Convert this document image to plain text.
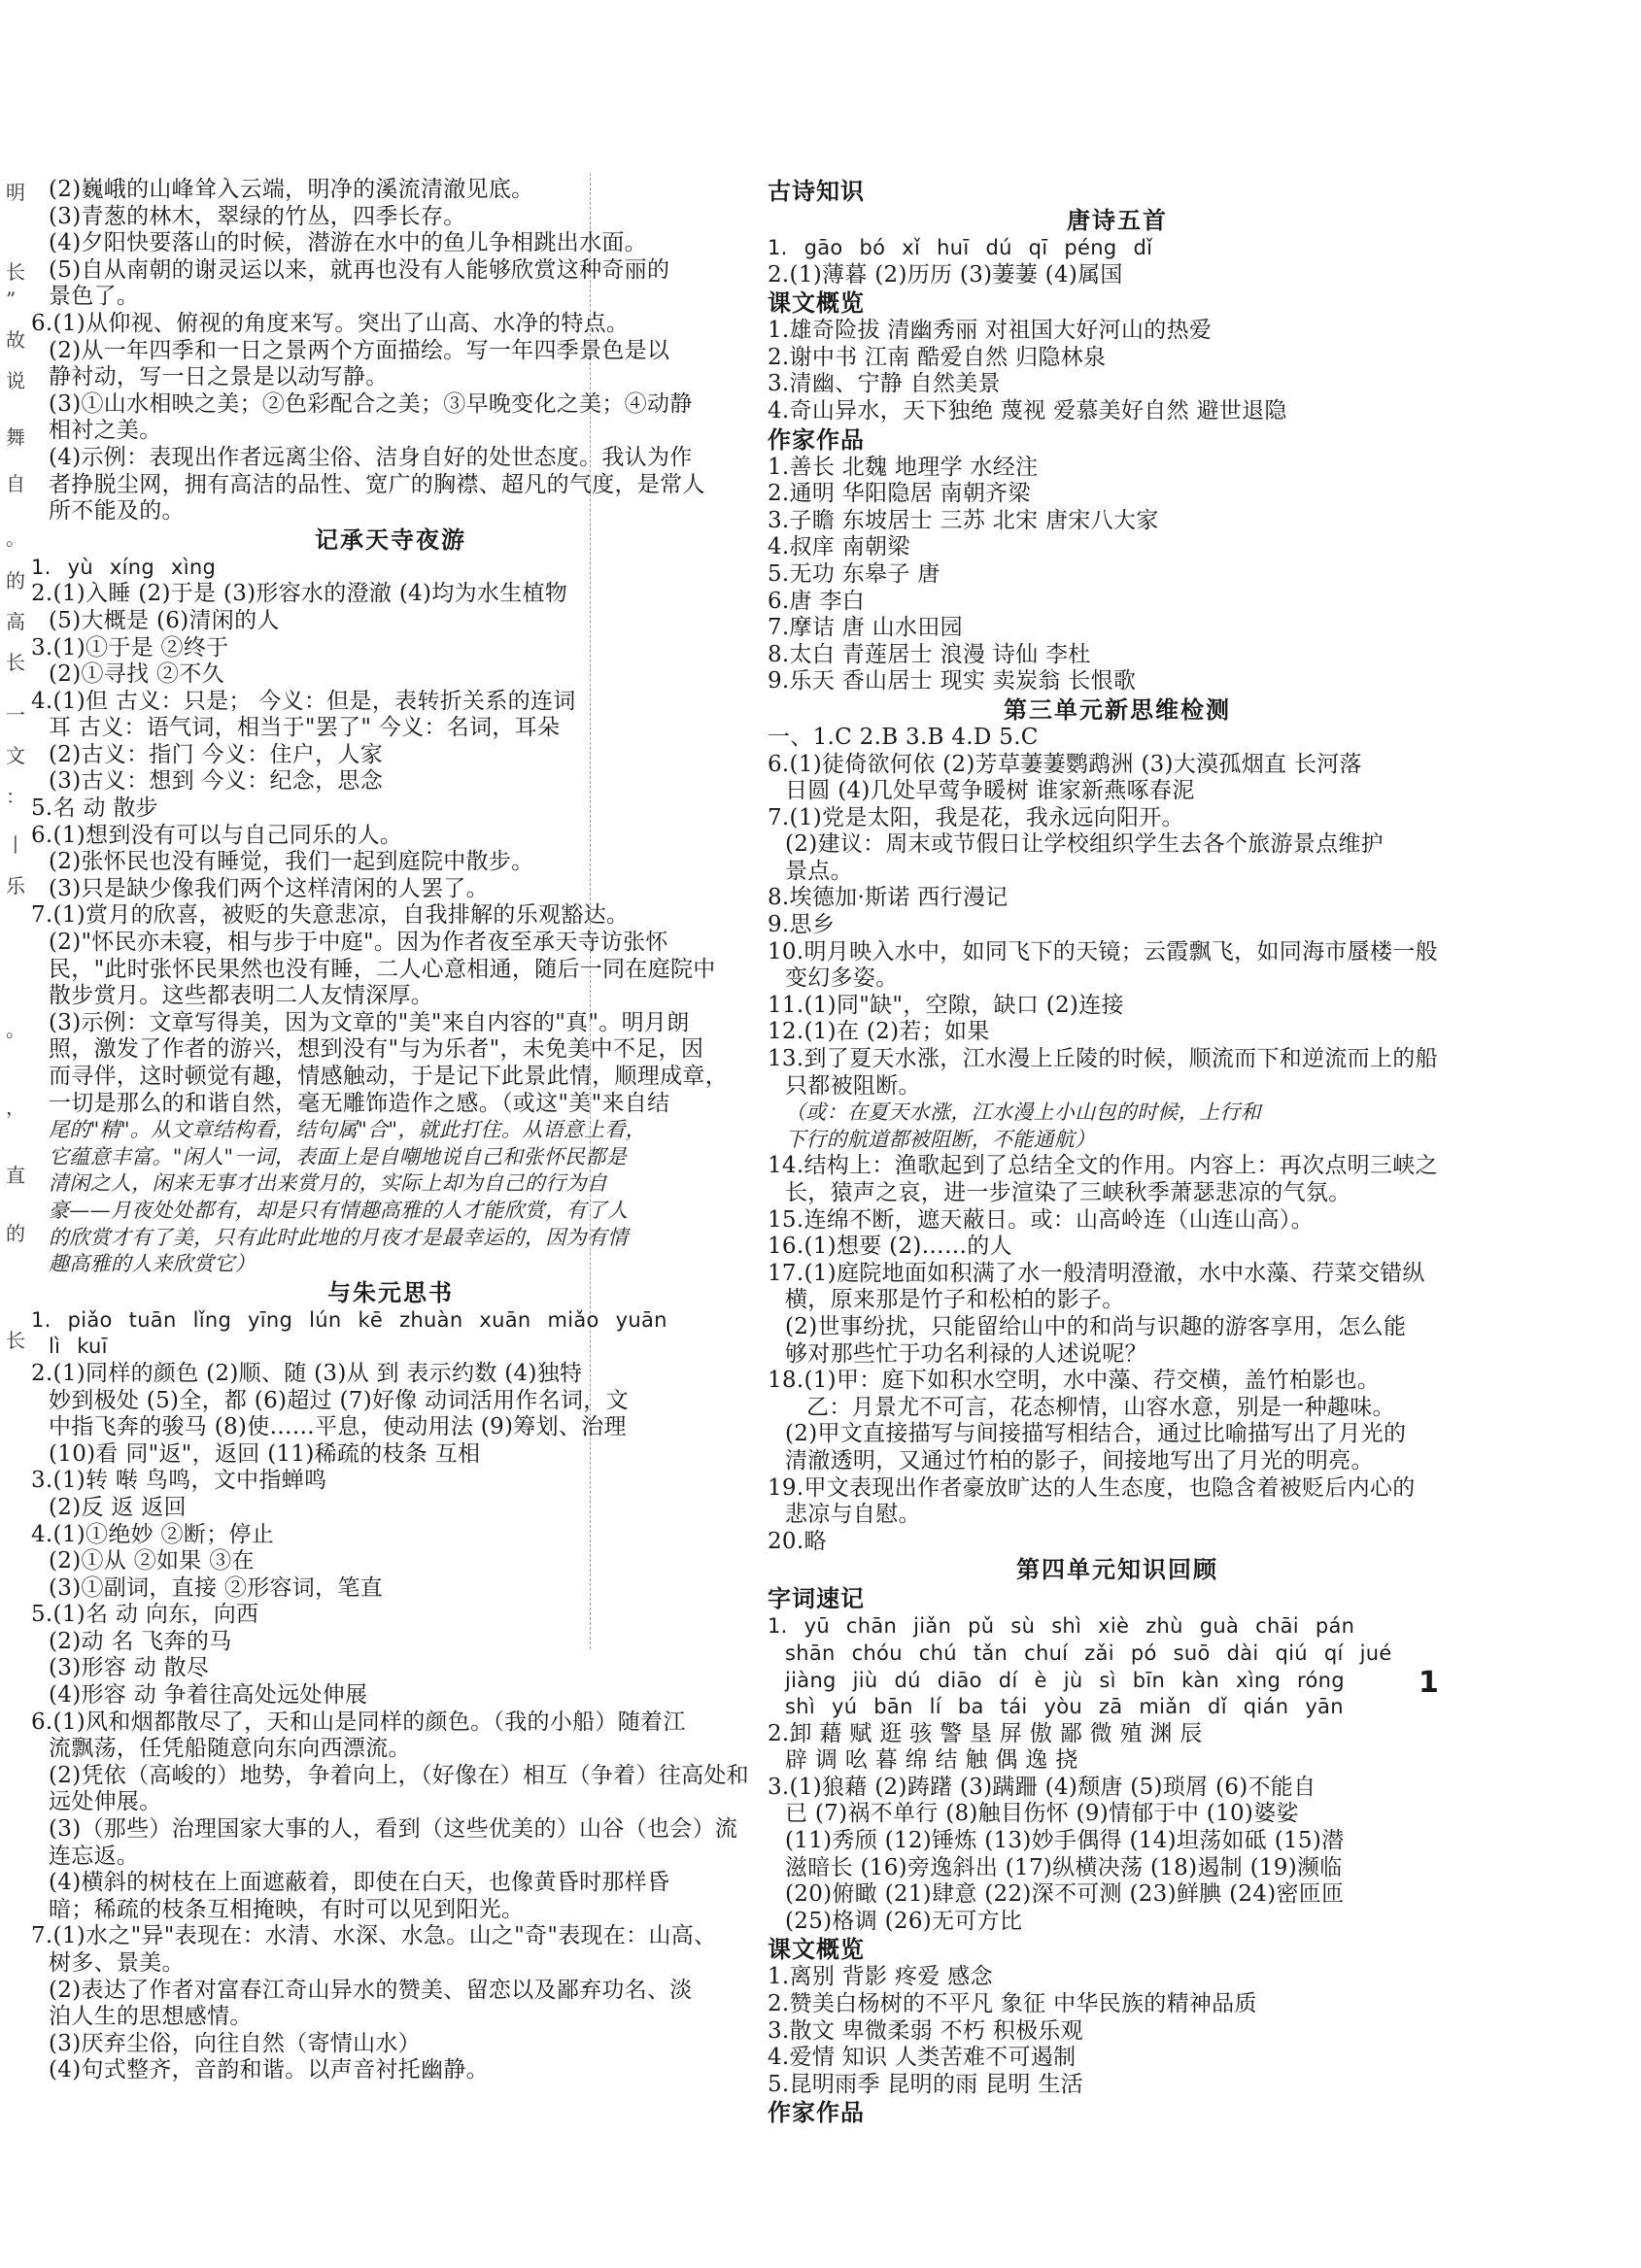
明
长
”
故
说
舞
自
。
的
高
长
一
文
：
丨
乐
。
，
直
的
长
(2)巍峨的山峰耸入云端，明净的溪流清澈见底。
(3)青葱的林木，翠绿的竹丛，四季长存。
(4)夕阳快要落山的时候，潜游在水中的鱼儿争相跳出水面。
(5)自从南朝的谢灵运以来，就再也没有人能够欣赏这种奇丽的
景色了。
6.(1)从仰视、俯视的角度来写。突出了山高、水净的特点。
(2)从一年四季和一日之景两个方面描绘。写一年四季景色是以
静衬动，写一日之景是以动写静。
(3)①山水相映之美；②色彩配合之美；③早晚变化之美；④动静
相衬之美。
(4)示例：表现出作者远离尘俗、洁身自好的处世态度。我认为作
者挣脱尘网，拥有高洁的品性、宽广的胸襟、超凡的气度，是常人
所不能及的。
记承天寺夜游
1. yù xíng xìng
2.(1)入睡 (2)于是 (3)形容水的澄澈 (4)均为水生植物
(5)大概是 (6)清闲的人
3.(1)①于是 ②终于
(2)①寻找 ②不久
4.(1)但 古义：只是； 今义：但是，表转折关系的连词
耳 古义：语气词，相当于"罢了" 今义：名词，耳朵
(2)古义：指门 今义：住户，人家
(3)古义：想到 今义：纪念，思念
5.名 动 散步
6.(1)想到没有可以与自己同乐的人。
(2)张怀民也没有睡觉，我们一起到庭院中散步。
(3)只是缺少像我们两个这样清闲的人罢了。
7.(1)赏月的欣喜，被贬的失意悲凉，自我排解的乐观豁达。
(2)"怀民亦未寝，相与步于中庭"。因为作者夜至承天寺访张怀
民，"此时张怀民果然也没有睡，二人心意相通，随后一同在庭院中
散步赏月。这些都表明二人友情深厚。
(3)示例：文章写得美，因为文章的"美"来自内容的"真"。明月朗
照，激发了作者的游兴，想到没有"与为乐者"，未免美中不足，因
而寻伴，这时顿觉有趣，情感触动，于是记下此景此情，顺理成章，
一切是那么的和谐自然，毫无雕饰造作之感。（或这"美"来自结
尾的"精"。从文章结构看，结句属"合"，就此打住。从语意上看，
它蕴意丰富。"闲人"一词，表面上是自嘲地说自己和张怀民都是
清闲之人，闲来无事才出来赏月的，实际上却为自己的行为自
豪——月夜处处都有，却是只有情趣高雅的人才能欣赏，有了人
的欣赏才有了美，只有此时此地的月夜才是最幸运的，因为有情
趣高雅的人来欣赏它）
与朱元思书
1. piǎo tuān lǐng yīng lún kē zhuàn xuān miǎo yuān
lì kuī
2.(1)同样的颜色 (2)顺、随 (3)从 到 表示约数 (4)独特
妙到极处 (5)全，都 (6)超过 (7)好像 动词活用作名词，文
中指飞奔的骏马 (8)使……平息，使动用法 (9)筹划、治理
(10)看 同"返"，返回 (11)稀疏的枝条 互相
3.(1)转 啭 鸟鸣，文中指蝉鸣
(2)反 返 返回
4.(1)①绝妙 ②断；停止
(2)①从 ②如果 ③在
(3)①副词，直接 ②形容词，笔直
5.(1)名 动 向东，向西
(2)动 名 飞奔的马
(3)形容 动 散尽
(4)形容 动 争着往高处远处伸展
6.(1)风和烟都散尽了，天和山是同样的颜色。（我的小船）随着江
流飘荡，任凭船随意向东向西漂流。
(2)凭依（高峻的）地势，争着向上，（好像在）相互（争着）往高处和
远处伸展。
(3)（那些）治理国家大事的人，看到（这些优美的）山谷（也会）流
连忘返。
(4)横斜的树枝在上面遮蔽着，即使在白天，也像黄昏时那样昏
暗；稀疏的枝条互相掩映，有时可以见到阳光。
7.(1)水之"异"表现在：水清、水深、水急。山之"奇"表现在：山高、
树多、景美。
(2)表达了作者对富春江奇山异水的赞美、留恋以及鄙弃功名、淡
泊人生的思想感情。
(3)厌弃尘俗，向往自然（寄情山水）
(4)句式整齐，音韵和谐。以声音衬托幽静。
古诗知识
唐诗五首
1. gāo bó xǐ huī dú qī péng dǐ
2.(1)薄暮 (2)历历 (3)萋萋 (4)属国
课文概览
1.雄奇险拔 清幽秀丽 对祖国大好河山的热爱
2.谢中书 江南 酷爱自然 归隐林泉
3.清幽、宁静 自然美景
4.奇山异水，天下独绝 蔑视 爱慕美好自然 避世退隐
作家作品
1.善长 北魏 地理学 水经注
2.通明 华阳隐居 南朝齐梁
3.子瞻 东坡居士 三苏 北宋 唐宋八大家
4.叔庠 南朝梁
5.无功 东皋子 唐
6.唐 李白
7.摩诘 唐 山水田园
8.太白 青莲居士 浪漫 诗仙 李杜
9.乐天 香山居士 现实 卖炭翁 长恨歌
第三单元新思维检测
一、1.C 2.B 3.B 4.D 5.C
6.(1)徒倚欲何依 (2)芳草萋萋鹦鹉洲 (3)大漠孤烟直 长河落
日圆 (4)几处早莺争暖树 谁家新燕啄春泥
7.(1)党是太阳，我是花，我永远向阳开。
(2)建议：周末或节假日让学校组织学生去各个旅游景点维护
景点。
8.埃德加·斯诺 西行漫记
9.思乡
10.明月映入水中，如同飞下的天镜；云霞飘飞，如同海市蜃楼一般
变幻多姿。
11.(1)同"缺"，空隙，缺口 (2)连接
12.(1)在 (2)若；如果
13.到了夏天水涨，江水漫上丘陵的时候，顺流而下和逆流而上的船
只都被阻断。
（或：在夏天水涨，江水漫上小山包的时候，上行和
下行的航道都被阻断，不能通航）
14.结构上：渔歌起到了总结全文的作用。内容上：再次点明三峡之
长，猿声之哀，进一步渲染了三峡秋季萧瑟悲凉的气氛。
15.连绵不断，遮天蔽日。或：山高岭连（山连山高）。
16.(1)想要 (2)……的人
17.(1)庭院地面如积满了水一般清明澄澈，水中水藻、荇菜交错纵
横，原来那是竹子和松柏的影子。
(2)世事纷扰，只能留给山中的和尚与识趣的游客享用，怎么能
够对那些忙于功名利禄的人述说呢？
18.(1)甲：庭下如积水空明，水中藻、荇交横，盖竹柏影也。
乙：月景尤不可言，花态柳情，山容水意，别是一种趣味。
(2)甲文直接描写与间接描写相结合，通过比喻描写出了月光的
清澈透明，又通过竹柏的影子，间接地写出了月光的明亮。
19.甲文表现出作者豪放旷达的人生态度，也隐含着被贬后内心的
悲凉与自慰。
20.略
第四单元知识回顾
字词速记
1. yū chān jiǎn pǔ sù shì xiè zhù guà chāi pán
shān chóu chú tǎn chuí zǎi pó suō dài qiú qí jué
jiàng jiù dú diāo dí è jù sì bīn kàn xìng róng
shì yú bān lí ba tái yòu zā miǎn dǐ qián yān
2.卸 藉 赋 逛 骇 警 垦 屏 傲 鄙 微 殖 渊 辰
辟 调 吆 暮 绵 结 触 偶 逸 挠
3.(1)狼藉 (2)踌躇 (3)蹒跚 (4)颓唐 (5)琐屑 (6)不能自
已 (7)祸不单行 (8)触目伤怀 (9)情郁于中 (10)婆娑
(11)秀颀 (12)锤炼 (13)妙手偶得 (14)坦荡如砥 (15)潜
滋暗长 (16)旁逸斜出 (17)纵横决荡 (18)遏制 (19)濒临
(20)俯瞰 (21)肆意 (22)深不可测 (23)鲜腆 (24)密匝匝
(25)格调 (26)无可方比
课文概览
1.离别 背影 疼爱 感念
2.赞美白杨树的不平凡 象征 中华民族的精神品质
3.散文 卑微柔弱 不朽 积极乐观
4.爱情 知识 人类苦难不可遏制
5.昆明雨季 昆明的雨 昆明 生活
作家作品
1
